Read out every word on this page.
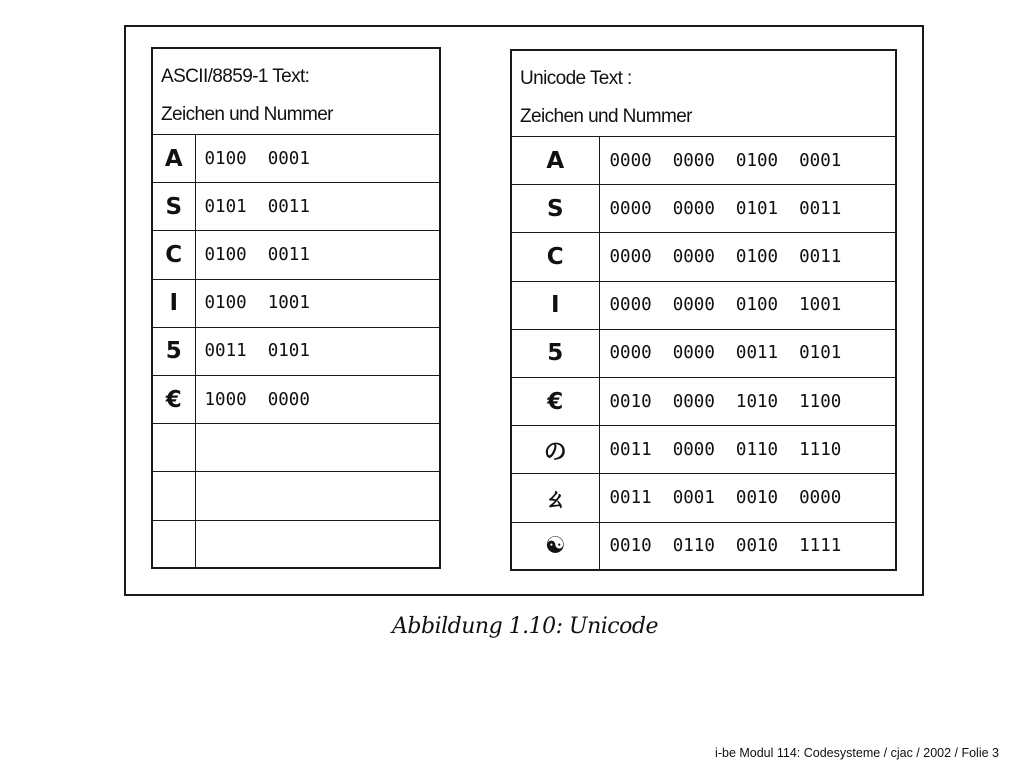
ASCII/8859-1 Text:
Zeichen und Nummer	

A	0100  0001
S	0101  0011
C	0100  0011
I	0100  1001
5	0011  0101
€	1000  0000

Unicode Text :
Zeichen und Nummer	

A	0000  0000  0100  0001
S	0000  0000  0101  0011
C	0000  0000  0100  0011
I	0000  0000  0100  1001
5	0000  0000  0011  0101
€	0010  0000  1010  1100
の	0011  0000  0110  1110
ㄠ	0011  0001  0010  0000
☯	0010  0110  0010  1111
Abbildung 1.10: Unicode
i-be Modul 114: Codesysteme / cjac / 2002 / Folie 3
